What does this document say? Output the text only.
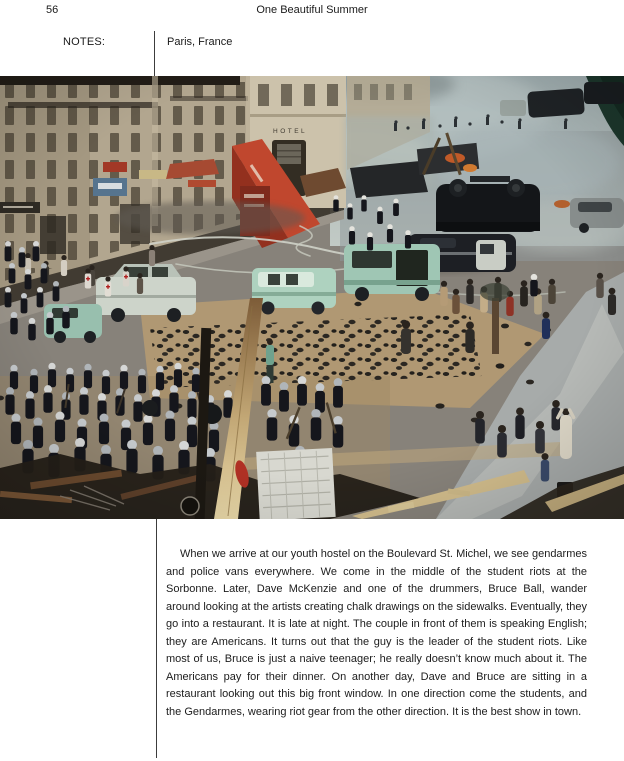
56	One Beautiful Summer
NOTES:	Paris, France

When we arrive at our youth hostel on the Boulevard St. Michel, we see gendarmes and police vans everywhere. We come in the middle of the student riots at the Sorbonne. Later, Dave McKenzie and one of the drummers, Bruce Ball, wander around looking at the artists creating chalk drawings on the sidewalks. Eventually, they go into a restaurant. It is late at night. The couple in front of them is speaking English; they are Americans. It turns out that the guy is the leader of the student riots. Like most of us, Bruce is just a naive teenager; he really doesn’t know much about it. The Americans pay for their dinner. On another day, Dave and Bruce are sitting in a restaurant looking out this big front window. In one direction come the students, and the Gendarmes, wearing riot gear from the other direction. It is the best show in town.
